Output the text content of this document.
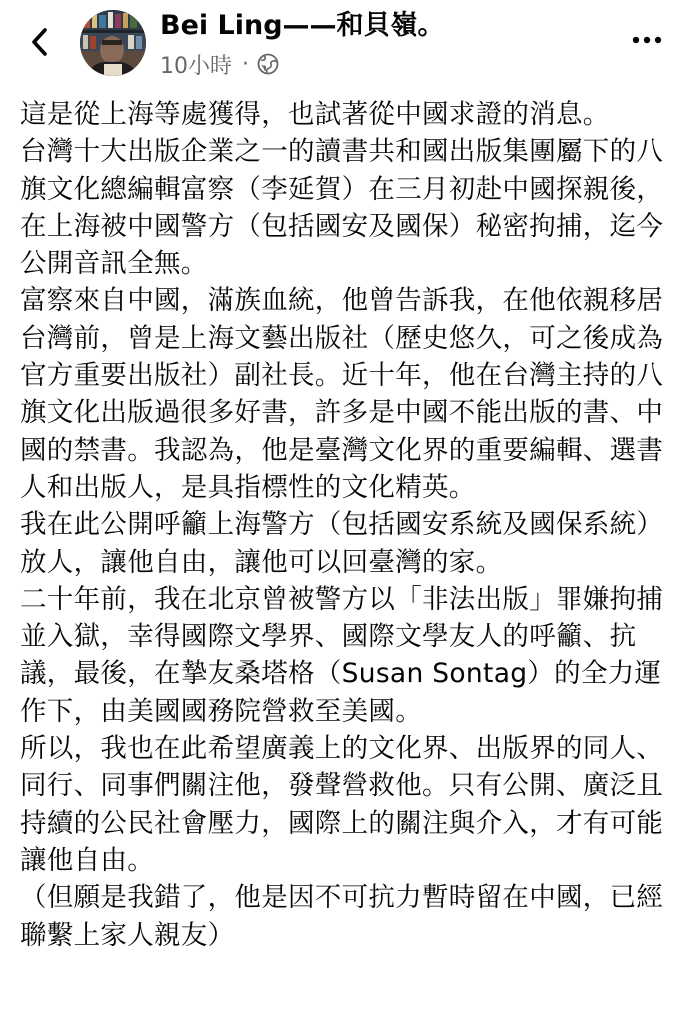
Bei Ling——和貝嶺。
10小時 ·

這是從上海等處獲得，也試著從中國求證的消息。

台灣十大出版企業之一的讀書共和國出版集團屬下的八旗文化總編輯富察（李延賀）在三月初赴中國探親後，在上海被中國警方（包括國安及國保）秘密拘捕，迄今公開音訊全無。

富察來自中國，滿族血統，他曾告訴我，在他依親移居台灣前，曾是上海文藝出版社（歷史悠久，可之後成為官方重要出版社）副社長。近十年，他在台灣主持的八旗文化出版過很多好書，許多是中國不能出版的書、中國的禁書。我認為，他是臺灣文化界的重要編輯、選書人和出版人，是具指標性的文化精英。

我在此公開呼籲上海警方（包括國安系統及國保系統）放人，讓他自由，讓他可以回臺灣的家。

二十年前，我在北京曾被警方以「非法出版」罪嫌拘捕並入獄，幸得國際文學界、國際文學友人的呼籲、抗議，最後，在摯友桑塔格（Susan Sontag）的全力運作下，由美國國務院營救至美國。

所以，我也在此希望廣義上的文化界、出版界的同人、同行、同事們關注他，發聲營救他。只有公開、廣泛且持續的公民社會壓力，國際上的關注與介入，才有可能讓他自由。

（但願是我錯了，他是因不可抗力暫時留在中國，已經聯繫上家人親友）
